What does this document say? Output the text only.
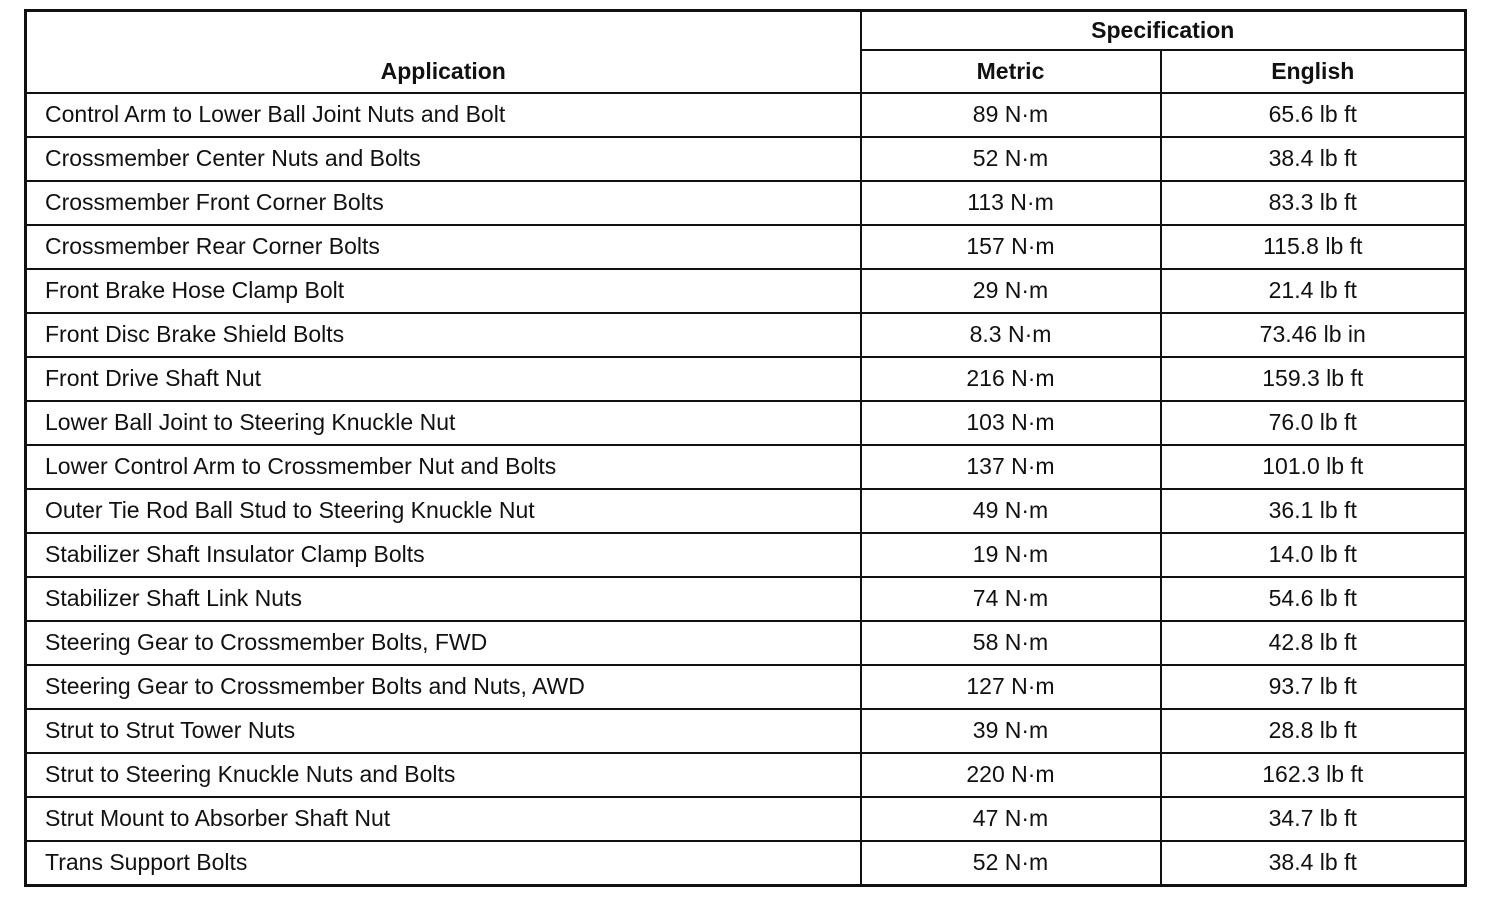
Application	Specification	
	Metric	English
Control Arm to Lower Ball Joint Nuts and Bolt	89 N·m	65.6 lb ft
Crossmember Center Nuts and Bolts	52 N·m	38.4 lb ft
Crossmember Front Corner Bolts	113 N·m	83.3 lb ft
Crossmember Rear Corner Bolts	157 N·m	115.8 lb ft
Front Brake Hose Clamp Bolt	29 N·m	21.4 lb ft
Front Disc Brake Shield Bolts	8.3 N·m	73.46 lb in
Front Drive Shaft Nut	216 N·m	159.3 lb ft
Lower Ball Joint to Steering Knuckle Nut	103 N·m	76.0 lb ft
Lower Control Arm to Crossmember Nut and Bolts	137 N·m	101.0 lb ft
Outer Tie Rod Ball Stud to Steering Knuckle Nut	49 N·m	36.1 lb ft
Stabilizer Shaft Insulator Clamp Bolts	19 N·m	14.0 lb ft
Stabilizer Shaft Link Nuts	74 N·m	54.6 lb ft
Steering Gear to Crossmember Bolts, FWD	58 N·m	42.8 lb ft
Steering Gear to Crossmember Bolts and Nuts, AWD	127 N·m	93.7 lb ft
Strut to Strut Tower Nuts	39 N·m	28.8 lb ft
Strut to Steering Knuckle Nuts and Bolts	220 N·m	162.3 lb ft
Strut Mount to Absorber Shaft Nut	47 N·m	34.7 lb ft
Trans Support Bolts	52 N·m	38.4 lb ft
